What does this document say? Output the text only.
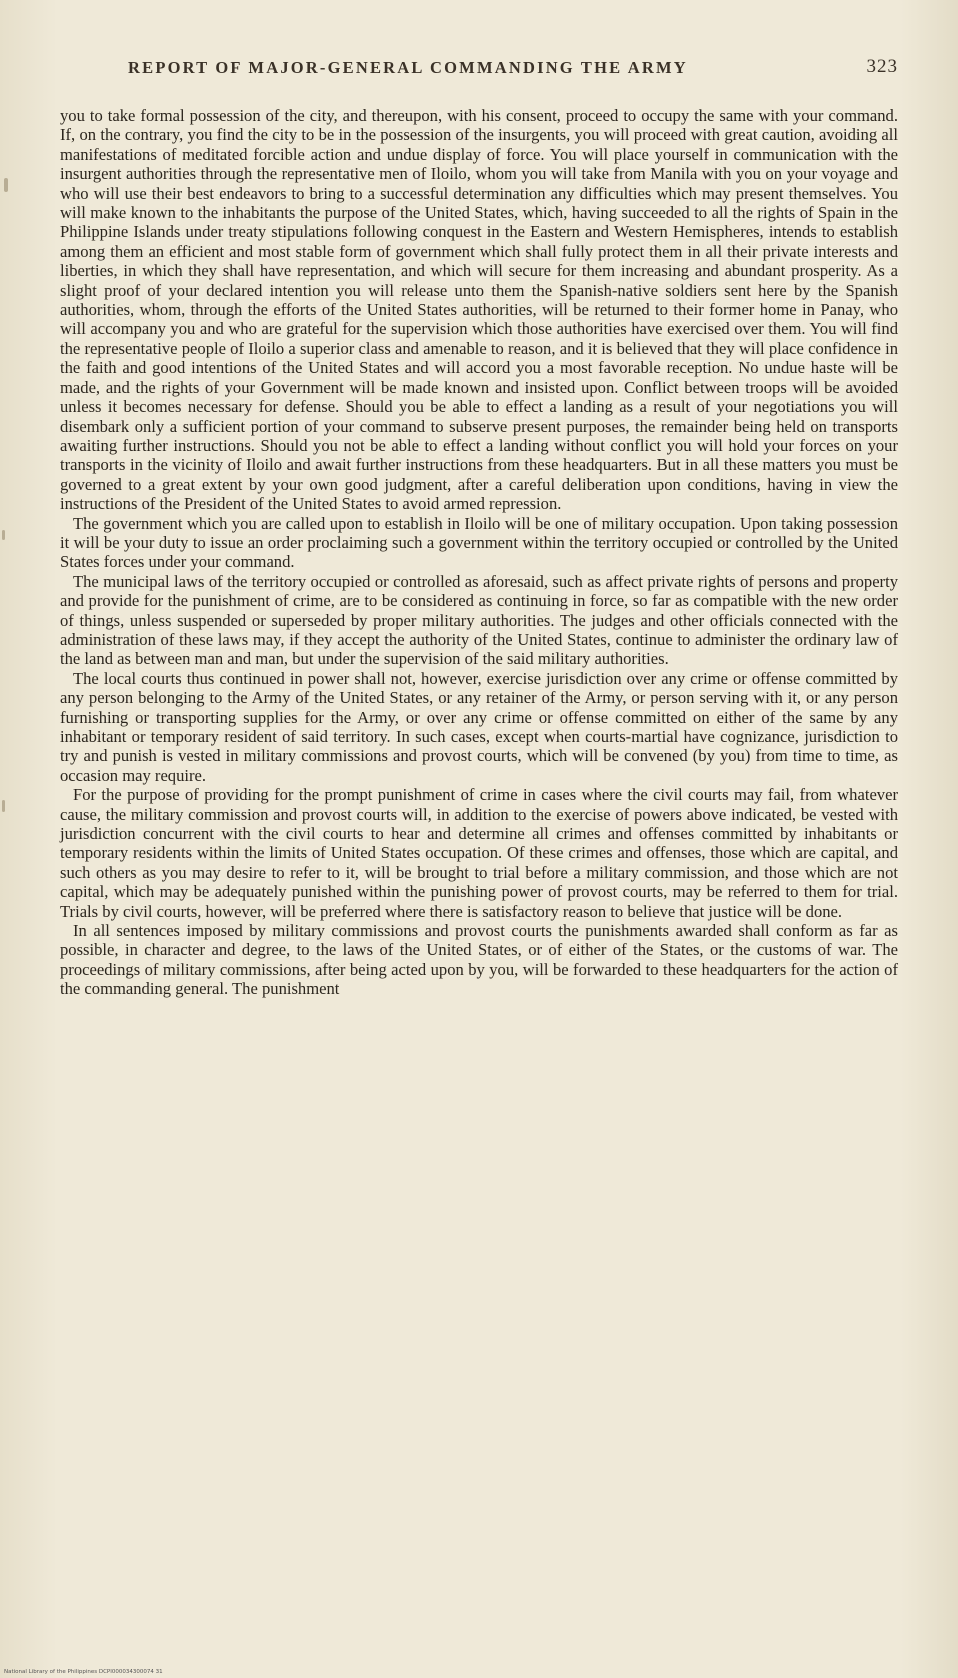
REPORT OF MAJOR-GENERAL COMMANDING THE ARMY	323

you to take formal possession of the city, and thereupon, with his consent, proceed to occupy the same with your command. If, on the contrary, you find the city to be in the possession of the insurgents, you will proceed with great caution, avoiding all manifestations of meditated forcible action and undue display of force. You will place yourself in communication with the insurgent authorities through the representative men of Iloilo, whom you will take from Manila with you on your voyage and who will use their best endeavors to bring to a successful determination any difficulties which may present themselves. You will make known to the inhabitants the purpose of the United States, which, having succeeded to all the rights of Spain in the Philippine Islands under treaty stipulations following conquest in the Eastern and Western Hemispheres, intends to establish among them an efficient and most stable form of government which shall fully protect them in all their private interests and liberties, in which they shall have representation, and which will secure for them increasing and abundant prosperity. As a slight proof of your declared intention you will release unto them the Spanish-native soldiers sent here by the Spanish authorities, whom, through the efforts of the United States authorities, will be returned to their former home in Panay, who will accompany you and who are grateful for the supervision which those authorities have exercised over them. You will find the representative people of Iloilo a superior class and amenable to reason, and it is believed that they will place confidence in the faith and good intentions of the United States and will accord you a most favorable reception. No undue haste will be made, and the rights of your Government will be made known and insisted upon. Conflict between troops will be avoided unless it becomes necessary for defense. Should you be able to effect a landing as a result of your negotiations you will disembark only a sufficient portion of your command to subserve present purposes, the remainder being held on transports awaiting further instructions. Should you not be able to effect a landing without conflict you will hold your forces on your transports in the vicinity of Iloilo and await further instructions from these headquarters. But in all these matters you must be governed to a great extent by your own good judgment, after a careful deliberation upon conditions, having in view the instructions of the President of the United States to avoid armed repression.

The government which you are called upon to establish in Iloilo will be one of military occupation. Upon taking possession it will be your duty to issue an order proclaiming such a government within the territory occupied or controlled by the United States forces under your command.

The municipal laws of the territory occupied or controlled as aforesaid, such as affect private rights of persons and property and provide for the punishment of crime, are to be considered as continuing in force, so far as compatible with the new order of things, unless suspended or superseded by proper military authorities. The judges and other officials connected with the administration of these laws may, if they accept the authority of the United States, continue to administer the ordinary law of the land as between man and man, but under the supervision of the said military authorities.

The local courts thus continued in power shall not, however, exercise jurisdiction over any crime or offense committed by any person belonging to the Army of the United States, or any retainer of the Army, or person serving with it, or any person furnishing or transporting supplies for the Army, or over any crime or offense committed on either of the same by any inhabitant or temporary resident of said territory. In such cases, except when courts-martial have cognizance, jurisdiction to try and punish is vested in military commissions and provost courts, which will be convened (by you) from time to time, as occasion may require.

For the purpose of providing for the prompt punishment of crime in cases where the civil courts may fail, from whatever cause, the military commission and provost courts will, in addition to the exercise of powers above indicated, be vested with jurisdiction concurrent with the civil courts to hear and determine all crimes and offenses committed by inhabitants or temporary residents within the limits of United States occupation. Of these crimes and offenses, those which are capital, and such others as you may desire to refer to it, will be brought to trial before a military commission, and those which are not capital, which may be adequately punished within the punishing power of provost courts, may be referred to them for trial. Trials by civil courts, however, will be preferred where there is satisfactory reason to believe that justice will be done.

In all sentences imposed by military commissions and provost courts the punishments awarded shall conform as far as possible, in character and degree, to the laws of the United States, or of either of the States, or the customs of war. The proceedings of military commissions, after being acted upon by you, will be forwarded to these headquarters for the action of the commanding general. The punishment

National Library of the Philippines DCPI000034300074 31
